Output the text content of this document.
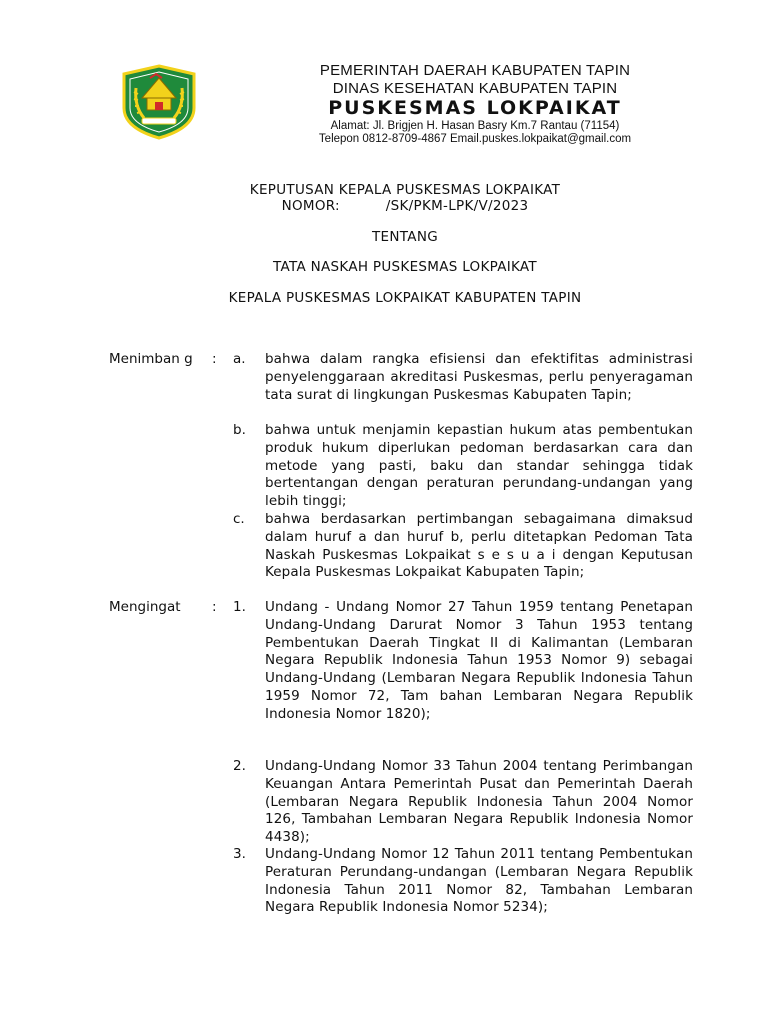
PEMERINTAH DAERAH KABUPATEN TAPIN
DINAS KESEHATAN KABUPATEN TAPIN
PUSKESMAS LOKPAIKAT
Alamat: Jl. Brigjen H. Hasan Basry Km.7 Rantau (71154)
Telepon 0812-8709-4867 Email.puskes.lokpaikat@gmail.com
KEPUTUSAN KEPALA PUSKESMAS LOKPAIKAT
NOMOR:          /SK/PKM-LPK/V/2023
TENTANG
TATA NASKAH PUSKESMAS LOKPAIKAT
KEPALA PUSKESMAS LOKPAIKAT KABUPATEN TAPIN
Menimban g	: a. bahwa dalam rangka efisiensi dan efektifitas administrasi penyelenggaraan akreditasi Puskesmas, perlu penyeragaman tata surat di lingkungan Puskesmas Kabupaten Tapin;
b. bahwa untuk menjamin kepastian hukum atas pembentukan produk hukum diperlukan pedoman berdasarkan cara dan metode yang pasti, baku dan standar sehingga tidak bertentangan dengan peraturan perundang-undangan yang lebih tinggi;
c. bahwa berdasarkan pertimbangan sebagaimana dimaksud dalam huruf a dan huruf b, perlu ditetapkan Pedoman Tata Naskah Puskesmas Lokpaikat s e s u a i dengan Keputusan Kepala Puskesmas Lokpaikat Kabupaten Tapin;
Mengingat	: 1. Undang - Undang Nomor 27 Tahun 1959 tentang Penetapan Undang-Undang Darurat Nomor 3 Tahun 1953 tentang Pembentukan Daerah Tingkat II di Kalimantan (Lembaran Negara Republik Indonesia Tahun 1953 Nomor 9) sebagai Undang-Undang (Lembaran Negara Republik Indonesia Tahun 1959 Nomor 72, Tam bahan Lembaran Negara Republik Indonesia Nomor 1820);
2. Undang-Undang Nomor 33 Tahun 2004 tentang Perimbangan Keuangan Antara Pemerintah Pusat dan Pemerintah Daerah (Lembaran Negara Republik Indonesia Tahun 2004 Nomor 126, Tambahan Lembaran Negara Republik Indonesia Nomor 4438);
3. Undang-Undang Nomor 12 Tahun 2011 tentang Pembentukan Peraturan Perundang-undangan (Lembaran Negara Republik Indonesia Tahun 2011 Nomor 82, Tambahan Lembaran Negara Republik Indonesia Nomor 5234);
